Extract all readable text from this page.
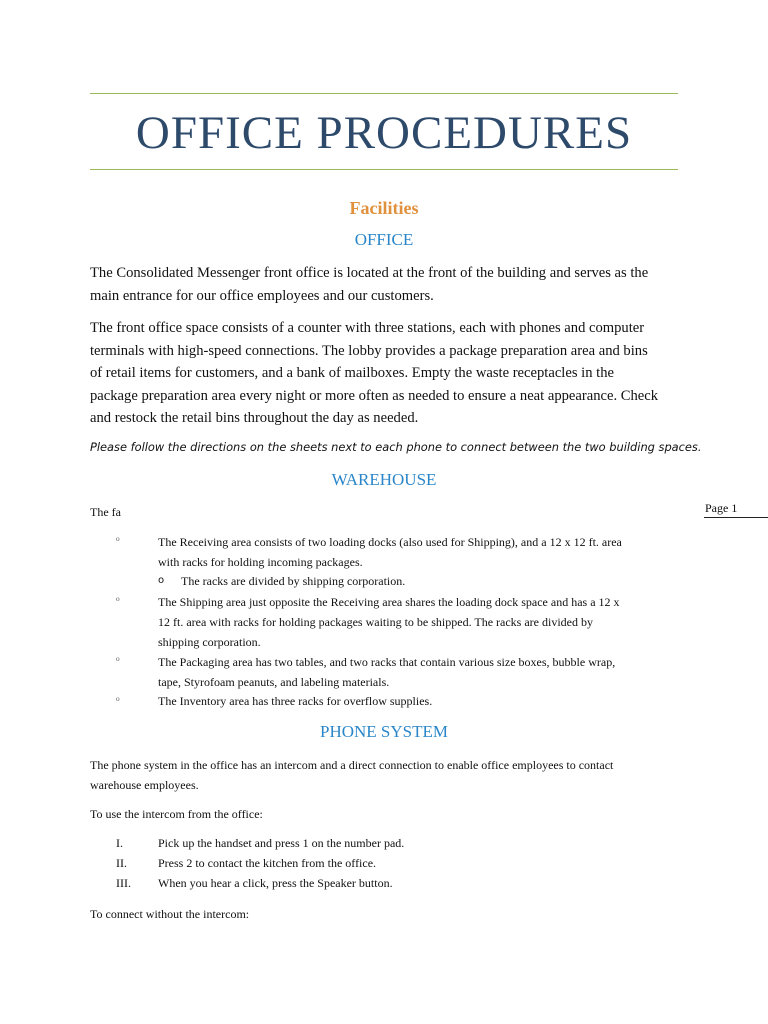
OFFICE PROCEDURES
Facilities
OFFICE

The Consolidated Messenger front office is located at the front of the building and serves as the

main entrance for our office employees and our customers.

The front office space consists of a counter with three stations, each with phones and computer

terminals with high-speed connections. The lobby provides a package preparation area and bins

of retail items for customers, and a bank of mailboxes. Empty the waste receptacles in the

package preparation area every night or more often as needed to ensure a neat appearance. Check

and restock the retail bins throughout the day as needed.

Please follow the directions on the sheets next to each phone to connect between the two building spaces.
WAREHOUSE

The fa	Page 1
⁰	The Receiving area consists of two loading docks (also used for Shipping), and a 12 x 12 ft. area
with racks for holding incoming packages.
o The racks are divided by shipping corporation.
⁰	The Shipping area just opposite the Receiving area shares the loading dock space and has a 12 x
12 ft. area with racks for holding packages waiting to be shipped. The racks are divided by
shipping corporation.
⁰	The Packaging area has two tables, and two racks that contain various size boxes, bubble wrap,
tape, Styrofoam peanuts, and labeling materials.
⁰	The Inventory area has three racks for overflow supplies.
PHONE SYSTEM

The phone system in the office has an intercom and a direct connection to enable office employees to contact

warehouse employees.

To use the intercom from the office:

I.	Pick up the handset and press 1 on the number pad.
II.	Press 2 to contact the kitchen from the office.
III. When you hear a click, press the Speaker button.

To connect without the intercom:
